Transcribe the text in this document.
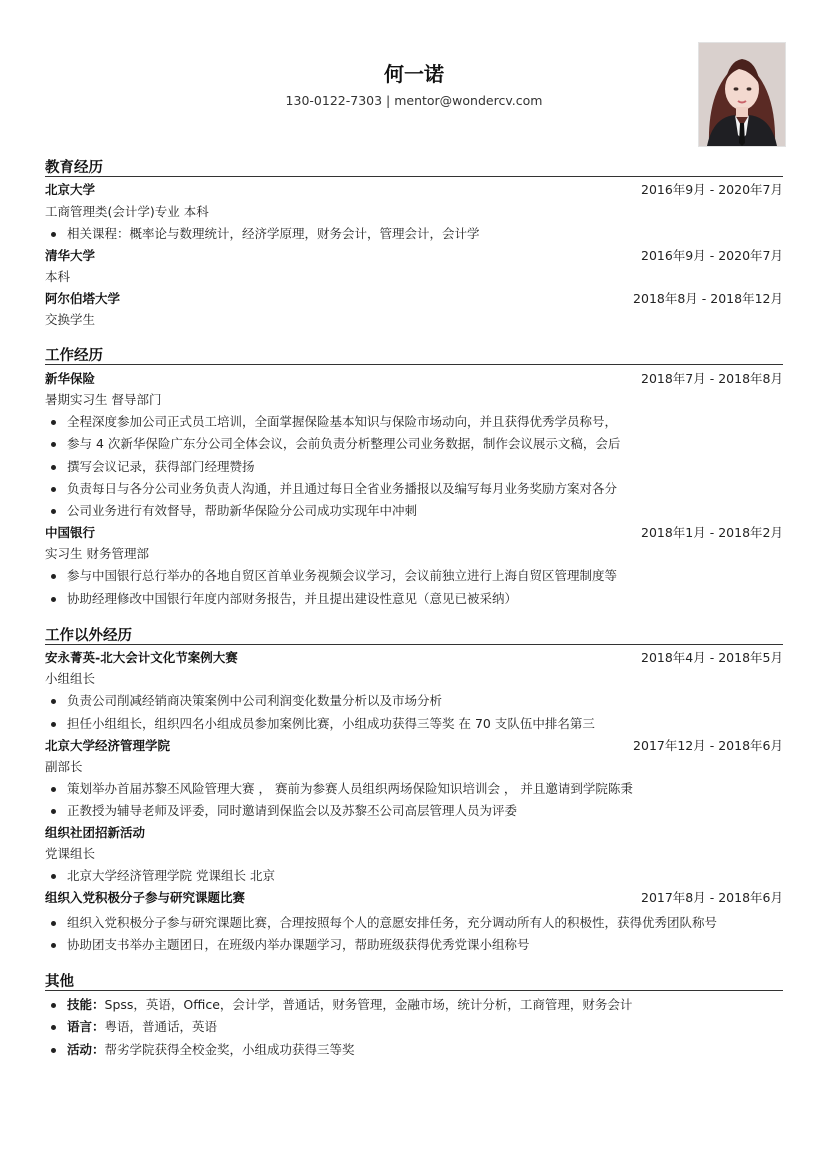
何一诺
130-0122-7303 | mentor@wondercv.com
教育经历
北京大学	2016年9月 - 2020年7月
工商管理类(会计学)专业 本科
相关课程：概率论与数理统计，经济学原理，财务会计，管理会计，会计学
清华大学	2016年9月 - 2020年7月
本科
阿尔伯塔大学	2018年8月 - 2018年12月
交换学生
工作经历
新华保险	2018年7月 - 2018年8月
暑期实习生 督导部门
全程深度参加公司正式员工培训，全面掌握保险基本知识与保险市场动向，并且获得优秀学员称号，
参与 4 次新华保险广东分公司全体会议，会前负责分析整理公司业务数据，制作会议展示文稿，会后
撰写会议记录，获得部门经理赞扬
负责每日与各分公司业务负责人沟通，并且通过每日全省业务播报以及编写每月业务奖励方案对各分
公司业务进行有效督导，帮助新华保险分公司成功实现年中冲刺
中国银行	2018年1月 - 2018年2月
实习生 财务管理部
参与中国银行总行举办的各地自贸区首单业务视频会议学习，会议前独立进行上海自贸区管理制度等
协助经理修改中国银行年度内部财务报告，并且提出建设性意见（意见已被采纳）
工作以外经历
安永菁英-北大会计文化节案例大赛	2018年4月 - 2018年5月
小组组长
负责公司削减经销商决策案例中公司利润变化数量分析以及市场分析
担任小组组长，组织四名小组成员参加案例比赛，小组成功获得三等奖 在 70 支队伍中排名第三
北京大学经济管理学院	2017年12月 - 2018年6月
副部长
策划举办首届苏黎丕风险管理大赛 ， 赛前为参赛人员组织两场保险知识培训会 ， 并且邀请到学院陈秉
正教授为辅导老师及评委，同时邀请到保监会以及苏黎丕公司高层管理人员为评委
组织社团招新活动
党课组长
北京大学经济管理学院 党课组长 北京
组织入党积极分子参与研究课题比赛	2017年8月 - 2018年6月
组织入党积极分子参与研究课题比赛，合理按照每个人的意愿安排任务，充分调动所有人的积极性，获得优秀团队称号
协助团支书举办主题团日，在班级内举办课题学习，帮助班级获得优秀党课小组称号
其他
技能：Spss，英语，Office，会计学，普通话，财务管理，金融市场，统计分析，工商管理，财务会计
语言：粤语，普通话，英语
活动：帮劣学院获得全校金奖，小组成功获得三等奖
